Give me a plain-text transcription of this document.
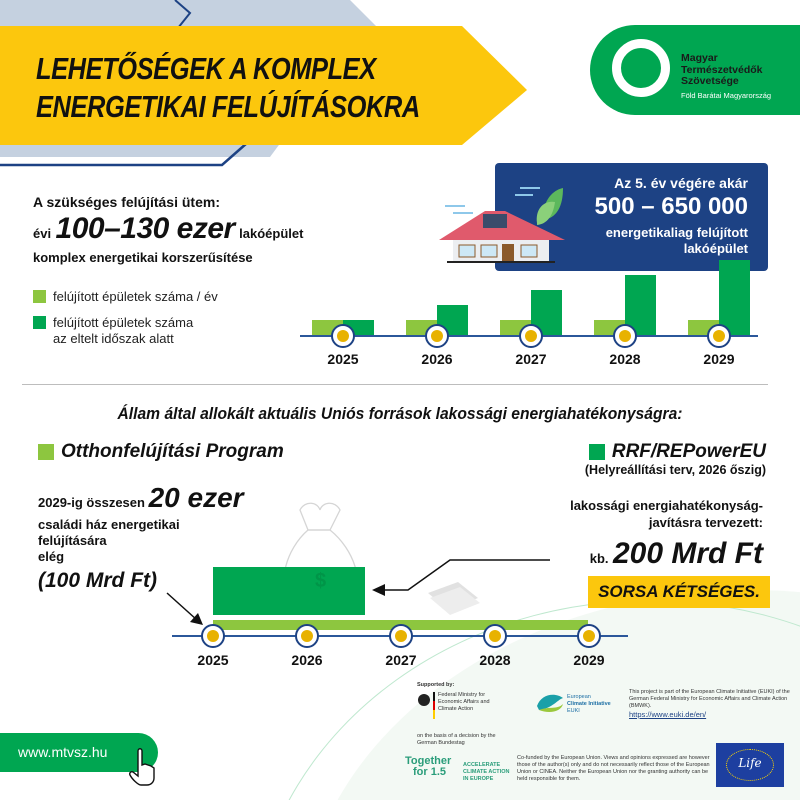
LEHETŐSÉGEK A KOMPLEX
ENERGETIKAI FELÚJÍTÁSOKRA
Magyar
Természetvédők
Szövetsége
Föld Barátai Magyarország
A szükséges felújítási ütem:
évi 100–130 ezer lakóépület
komplex energetikai korszerűsítése
felújított épületek száma / év
felújított épületek száma
az eltelt időszak alatt
Az 5. év végére akár
500 – 650 000
energetikaliag felújított
lakóépület
2025	2026	2027	2028	2029
Állam által allokált aktuális Uniós források lakossági energiahatékonyságra:
Otthonfelújítási Program	RRF/REPowerEU
(Helyreállítási terv, 2026 őszig)
2029-ig összesen 20 ezer
családi ház energetikai
felújítására
elég
(100 Mrd Ft)
lakossági energiahatékonyság-
javításra tervezett:
kb. 200 Mrd Ft
SORSA KÉTSÉGES.
$
2025	2026	2027	2028	2029
www.mtvsz.hu
Supported by:
Federal Ministry for Economic Affairs and Climate Action
on the basis of a decision by the German Bundestag
European
Climate Initiative
EUKI
This project is part of the European Climate Initiative (EUKI) of the German Federal Ministry for Economic Affairs and Climate Action (BMWK).
https://www.euki.de/en/
Together
for 1.5
ACCELERATE CLIMATE ACTION IN EUROPE
Co-funded by the European Union. Views and opinions expressed are however those of the author(s) only and do not necessarily reflect those of the European Union or CINEA. Neither the European Union nor the granting authority can be held responsible for them.
Life
